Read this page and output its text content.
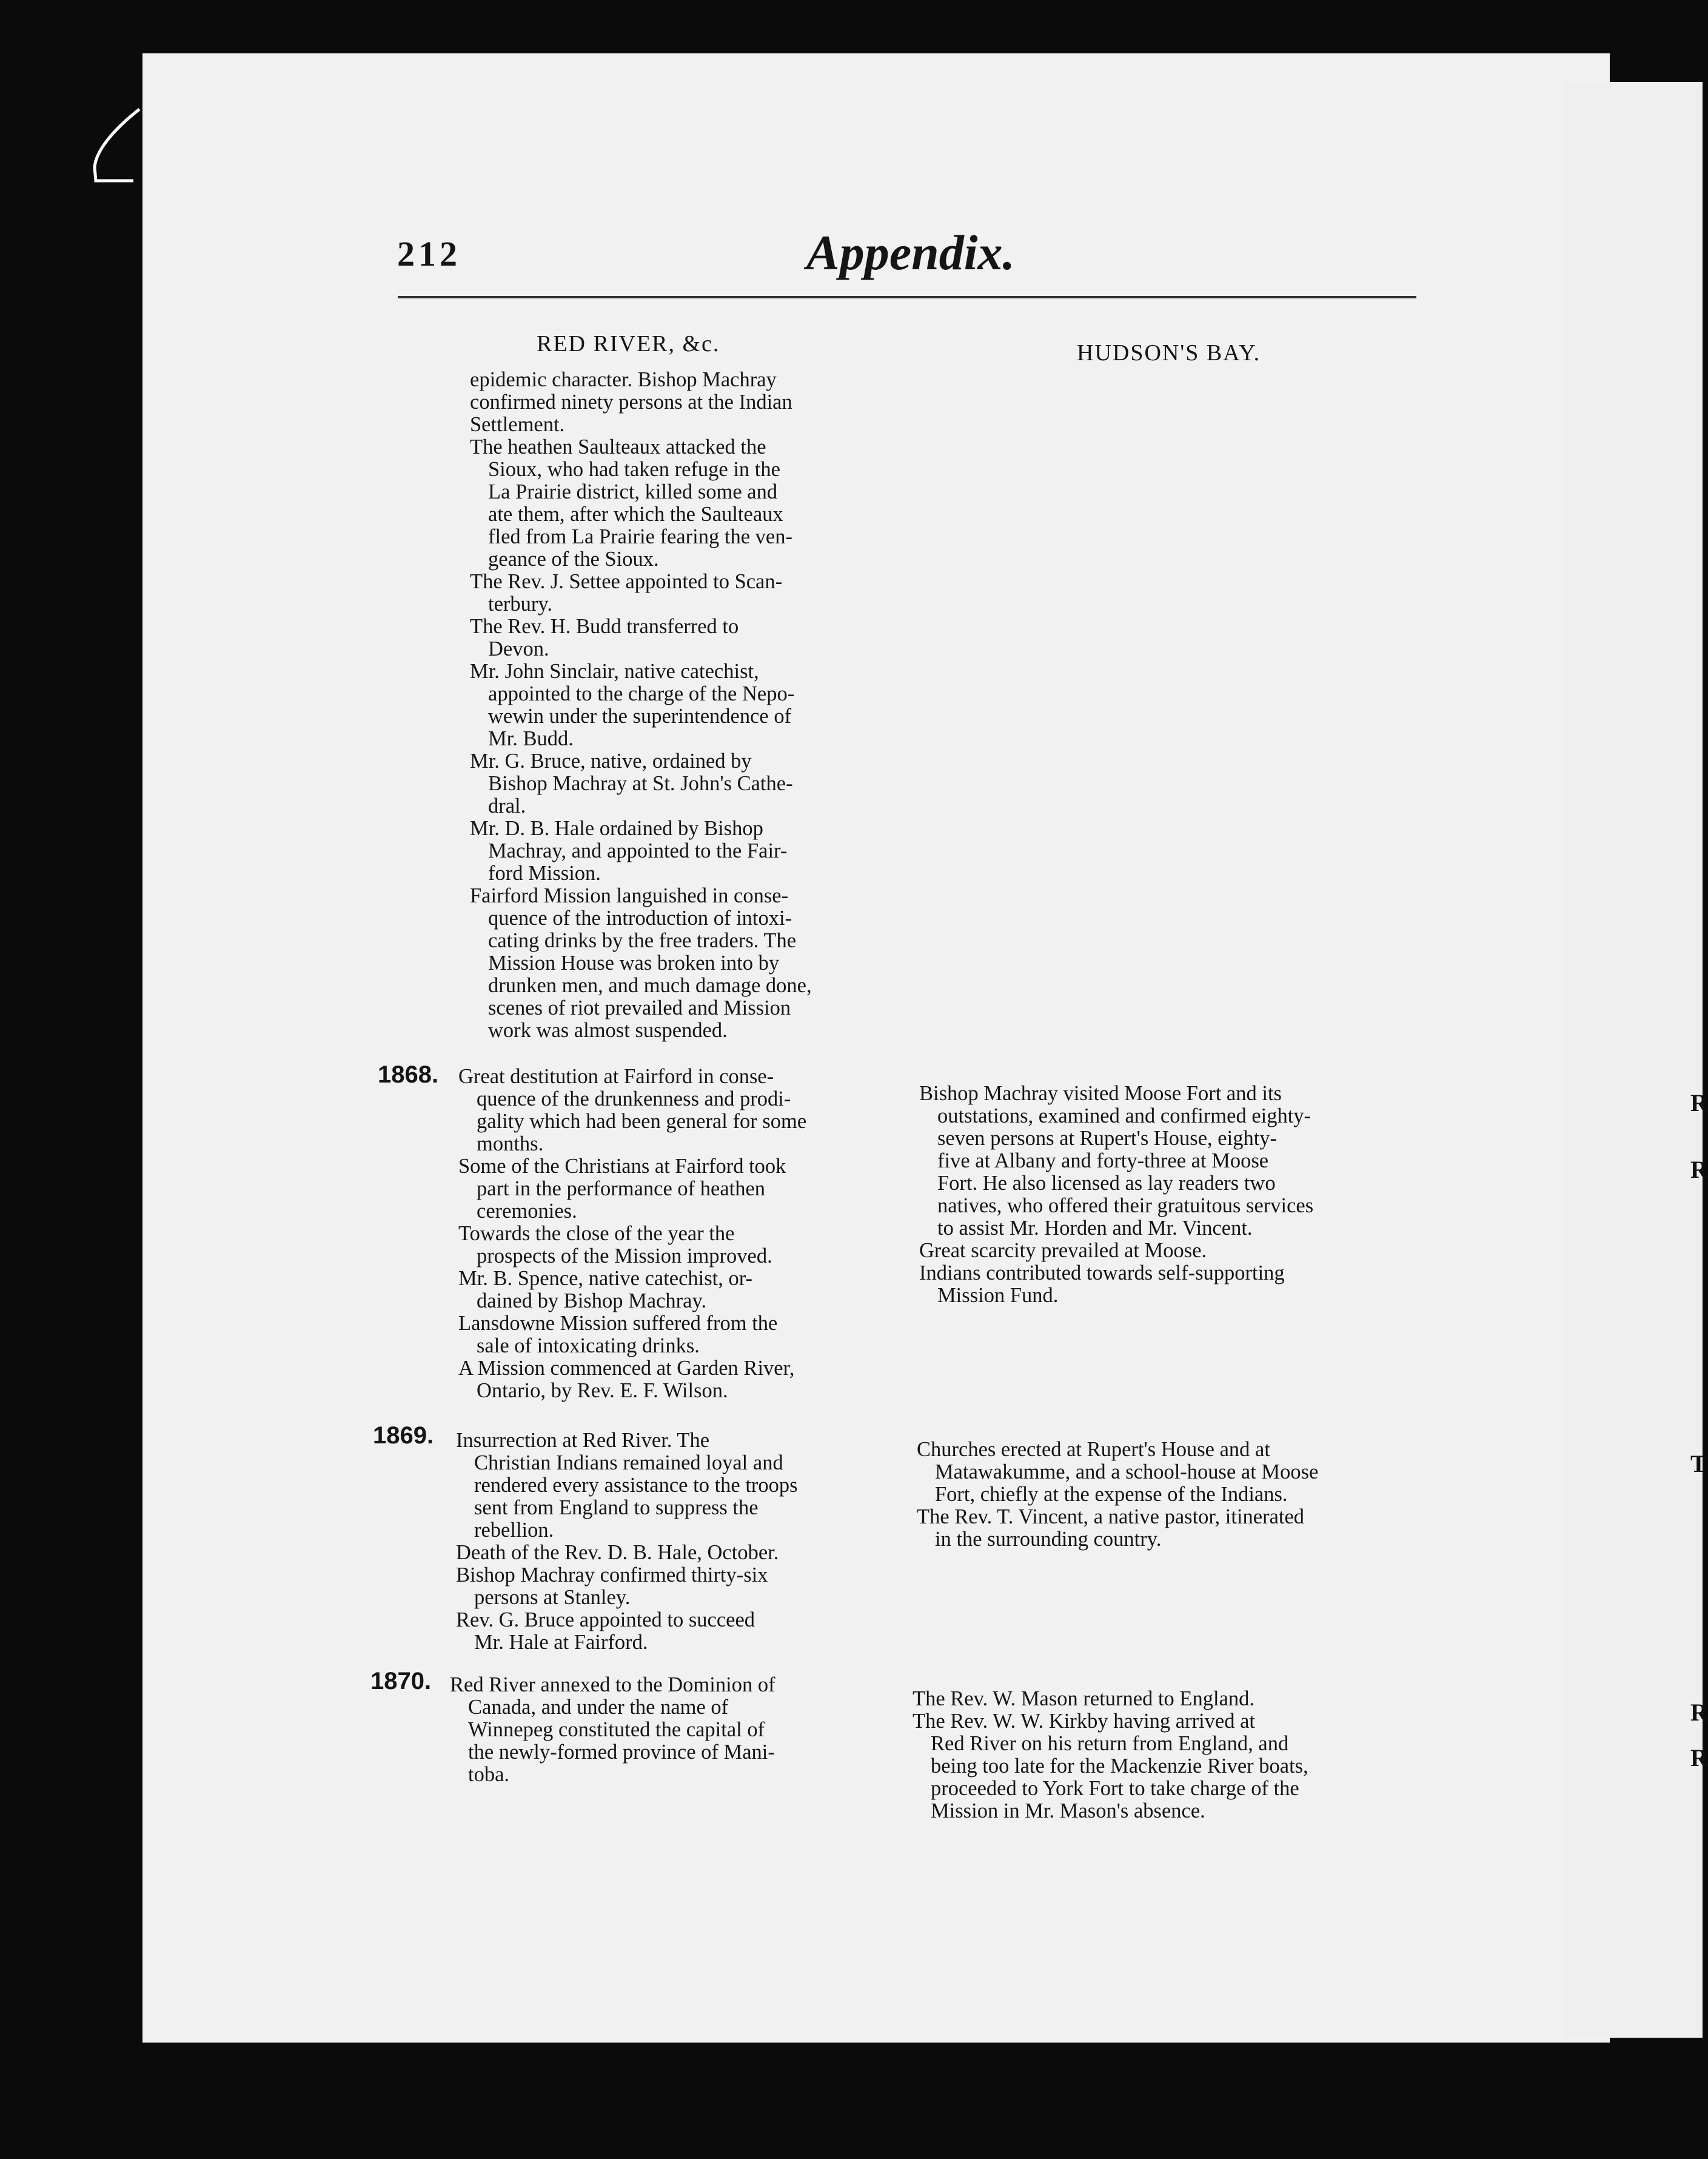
R
R
T
R
R
212	Appendix.
RED RIVER, &c.	HUDSON'S BAY.
epidemic character. Bishop Machray
confirmed ninety persons at the Indian
Settlement.
The heathen Saulteaux attacked the
Sioux, who had taken refuge in the
La Prairie district, killed some and
ate them, after which the Saulteaux
fled from La Prairie fearing the ven-
geance of the Sioux.
The Rev. J. Settee appointed to Scan-
terbury.
The Rev. H. Budd transferred to
Devon.
Mr. John Sinclair, native catechist,
appointed to the charge of the Nepo-
wewin under the superintendence of
Mr. Budd.
Mr. G. Bruce, native, ordained by
Bishop Machray at St. John's Cathe-
dral.
Mr. D. B. Hale ordained by Bishop
Machray, and appointed to the Fair-
ford Mission.
Fairford Mission languished in conse-
quence of the introduction of intoxi-
cating drinks by the free traders. The
Mission House was broken into by
drunken men, and much damage done,
scenes of riot prevailed and Mission
work was almost suspended.
1868. Great destitution at Fairford in conse-
quence of the drunkenness and prodi-
gality which had been general for some
months.
Some of the Christians at Fairford took
part in the performance of heathen
ceremonies.
Towards the close of the year the
prospects of the Mission improved.
Mr. B. Spence, native catechist, or-
dained by Bishop Machray.
Lansdowne Mission suffered from the
sale of intoxicating drinks.
A Mission commenced at Garden River,
Ontario, by Rev. E. F. Wilson.
Bishop Machray visited Moose Fort and its
outstations, examined and confirmed eighty-
seven persons at Rupert's House, eighty-
five at Albany and forty-three at Moose
Fort. He also licensed as lay readers two
natives, who offered their gratuitous services
to assist Mr. Horden and Mr. Vincent.
Great scarcity prevailed at Moose.
Indians contributed towards self-supporting
Mission Fund.
1869. Insurrection at Red River. The
Christian Indians remained loyal and
rendered every assistance to the troops
sent from England to suppress the
rebellion.
Death of the Rev. D. B. Hale, October.
Bishop Machray confirmed thirty-six
persons at Stanley.
Rev. G. Bruce appointed to succeed
Mr. Hale at Fairford.
Churches erected at Rupert's House and at
Matawakumme, and a school-house at Moose
Fort, chiefly at the expense of the Indians.
The Rev. T. Vincent, a native pastor, itinerated
in the surrounding country.
1870. Red River annexed to the Dominion of
Canada, and under the name of
Winnepeg constituted the capital of
the newly-formed province of Mani-
toba.
The Rev. W. Mason returned to England.
The Rev. W. W. Kirkby having arrived at
Red River on his return from England, and
being too late for the Mackenzie River boats,
proceeded to York Fort to take charge of the
Mission in Mr. Mason's absence.
